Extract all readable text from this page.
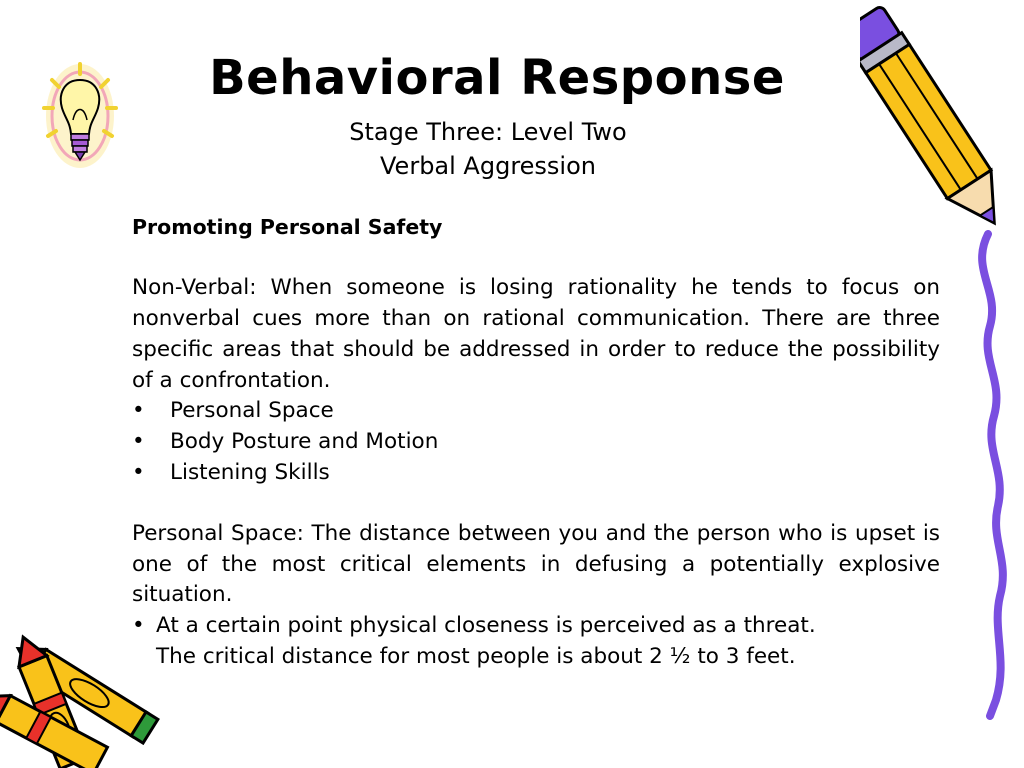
Behavioral Response
Stage Three: Level Two
Verbal Aggression
Promoting Personal Safety
Non-Verbal: When someone is losing rationality he tends to focus on nonverbal cues more than on rational communication. There are three specific areas that should be addressed in order to reduce the possibility of a confrontation.
•	Personal Space
•	Body Posture and Motion
•	Listening Skills
Personal Space: The distance between you and the person who is upset is one of the most critical elements in defusing a potentially explosive situation.
• At a certain point physical closeness is perceived as a threat.
The critical distance for most people is about 2 ½ to 3 feet.
